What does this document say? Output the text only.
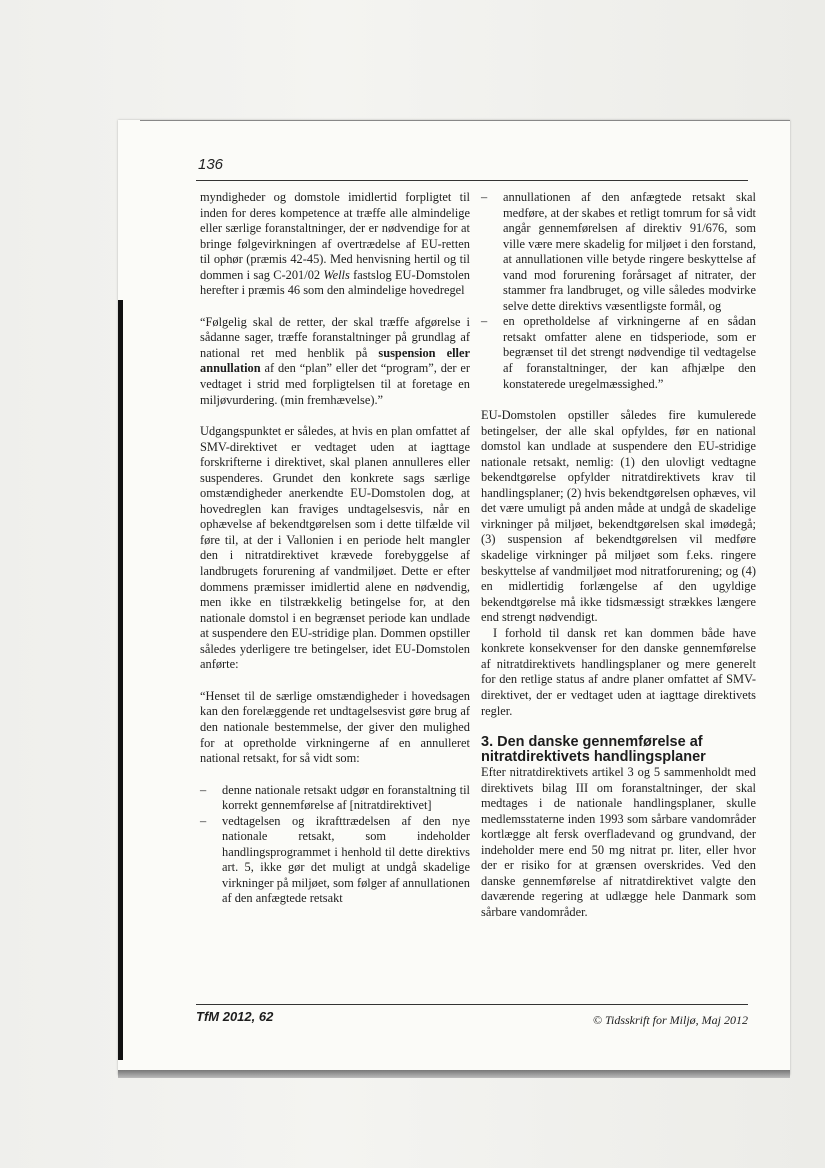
136

myndigheder og domstole imidlertid forpligtet til inden for deres kompetence at træffe alle almindelige eller særlige foranstaltninger, der er nødvendige for at bringe følgevirkningen af overtrædelse af EU-retten til ophør (præmis 42-45). Med henvisning hertil og til dommen i sag C-201/02 Wells fastslog EU-Domstolen herefter i præmis 46 som den almindelige hovedregel

“Følgelig skal de retter, der skal træffe afgørelse i sådanne sager, træffe foranstaltninger på grundlag af national ret med henblik på suspension eller annullation af den “plan” eller det “program”, der er vedtaget i strid med forpligtelsen til at foretage en miljøvurdering. (min fremhævelse).”

Udgangspunktet er således, at hvis en plan omfattet af SMV-direktivet er vedtaget uden at iagttage forskrifterne i direktivet, skal planen annulleres eller suspenderes. Grundet den konkrete sags særlige omstændigheder anerkendte EU-Domstolen dog, at hovedreglen kan fraviges undtagelsesvis, når en ophævelse af bekendtgørelsen som i dette tilfælde vil føre til, at der i Vallonien i en periode helt mangler den i nitratdirektivet krævede forebyggelse af landbrugets forurening af vandmiljøet. Dette er efter dommens præmisser imidlertid alene en nødvendig, men ikke en tilstrækkelig betingelse for, at den nationale domstol i en begrænset periode kan undlade at suspendere den EU-stridige plan. Dommen opstiller således yderligere tre betingelser, idet EU-Domstolen anførte:

“Henset til de særlige omstændigheder i hovedsagen kan den forelæggende ret undtagelsesvist gøre brug af den nationale bestemmelse, der giver den mulighed for at opretholde virkningerne af en annulleret national retsakt, for så vidt som:

– denne nationale retsakt udgør en foranstaltning til korrekt gennemførelse af [nitratdirektivet]
– vedtagelsen og ikrafttrædelsen af den nye nationale retsakt, som indeholder handlingsprogrammet i henhold til dette direktivs art. 5, ikke gør det muligt at undgå skadelige virkninger på miljøet, som følger af annullationen af den anfægtede retsakt
– annullationen af den anfægtede retsakt skal medføre, at der skabes et retligt tomrum for så vidt angår gennemførelsen af direktiv 91/676, som ville være mere skadelig for miljøet i den forstand, at annullationen ville betyde ringere beskyttelse af vand mod forurening forårsaget af nitrater, der stammer fra landbruget, og ville således modvirke selve dette direktivs væsentligste formål, og
– en opretholdelse af virkningerne af en sådan retsakt omfatter alene en tidsperiode, som er begrænset til det strengt nødvendige til vedtagelse af foranstaltninger, der kan afhjælpe den konstaterede uregelmæssighed.”

EU-Domstolen opstiller således fire kumulerede betingelser, der alle skal opfyldes, før en national domstol kan undlade at suspendere den EU-stridige nationale retsakt, nemlig: (1) den ulovligt vedtagne bekendtgørelse opfylder nitratdirektivets krav til handlingsplaner; (2) hvis bekendtgørelsen ophæves, vil det være umuligt på anden måde at undgå de skadelige virkninger på miljøet, bekendtgørelsen skal imødegå; (3) suspension af bekendtgørelsen vil medføre skadelige virkninger på miljøet som f.eks. ringere beskyttelse af vandmiljøet mod nitratforurening; og (4) en midlertidig forlængelse af den ugyldige bekendtgørelse må ikke tidsmæssigt strækkes længere end strengt nødvendigt.

I forhold til dansk ret kan dommen både have konkrete konsekvenser for den danske gennemførelse af nitratdirektivets handlingsplaner og mere generelt for den retlige status af andre planer omfattet af SMV-direktivet, der er vedtaget uden at iagttage direktivets regler.

3. Den danske gennemførelse af nitratdirektivets handlingsplaner

Efter nitratdirektivets artikel 3 og 5 sammenholdt med direktivets bilag III om foranstaltninger, der skal medtages i de nationale handlingsplaner, skulle medlemsstaterne inden 1993 som sårbare vandområder kortlægge alt fersk overfladevand og grundvand, der indeholder mere end 50 mg nitrat pr. liter, eller hvor der er risiko for at grænsen overskrides. Ved den danske gennemførelse af nitratdirektivet valgte den daværende regering at udlægge hele Danmark som sårbare vandområder.

TfM 2012, 62	© Tidsskrift for Miljø, Maj 2012
